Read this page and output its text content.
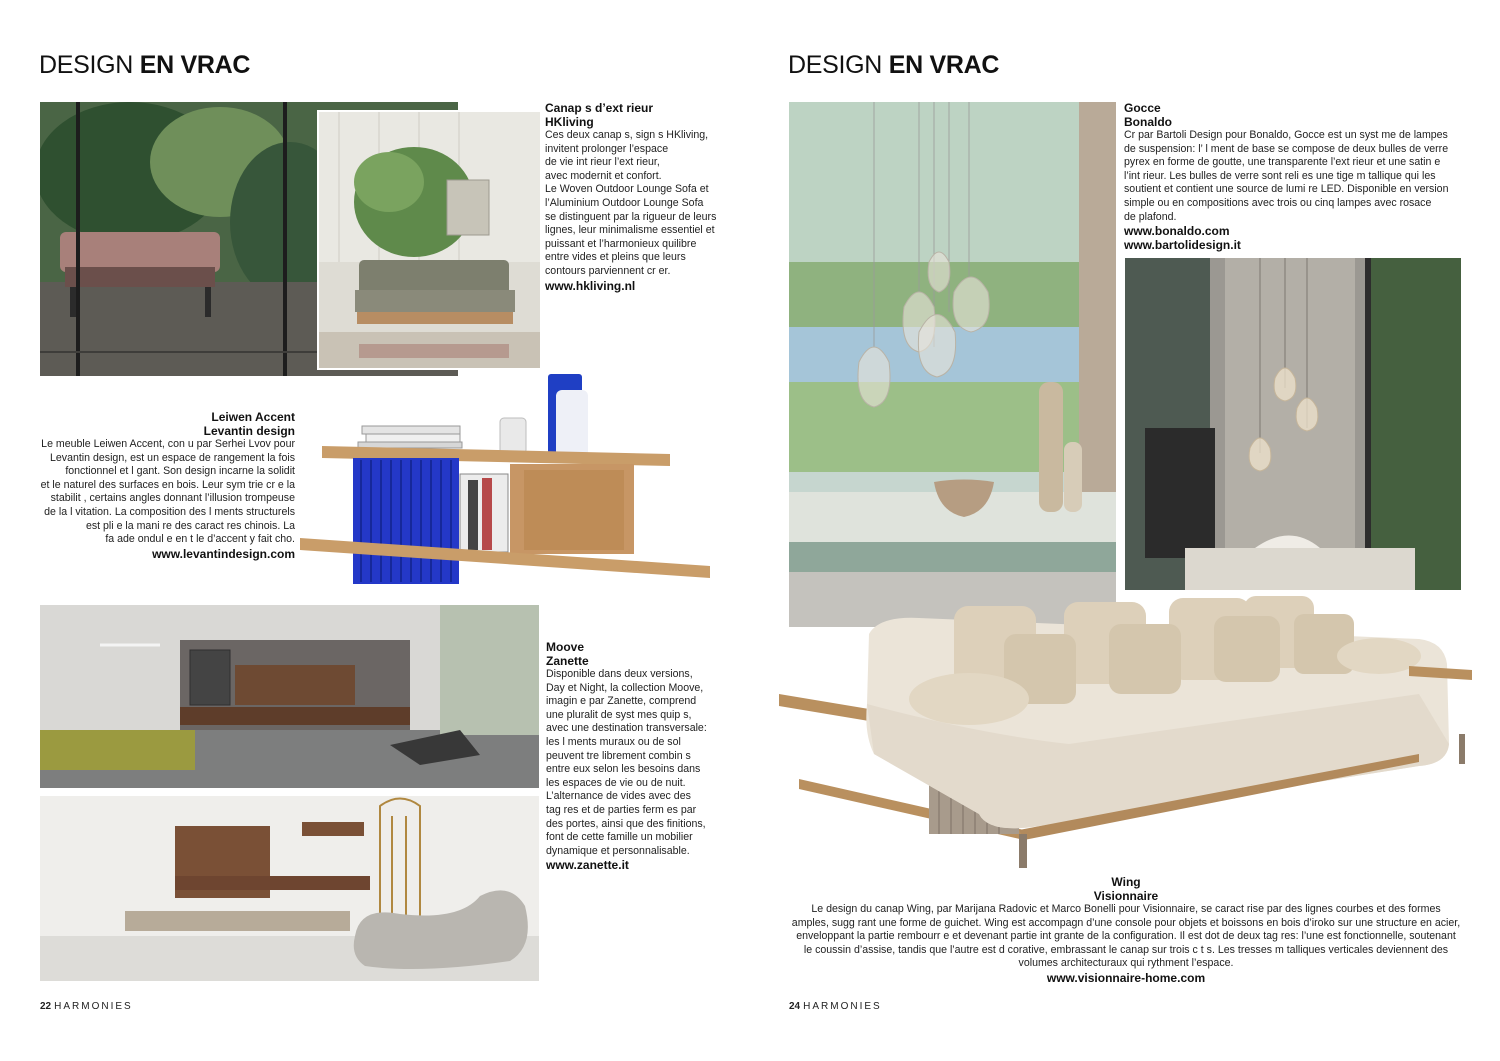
DESIGN EN VRAC
Canap s d’ext rieur
HKliving
Ces deux canap s, sign s HKliving,
invitent prolonger l’espace
de vie int rieur l’ext rieur,
avec modernit et confort.
Le Woven Outdoor Lounge Sofa et
l’Aluminium Outdoor Lounge Sofa
se distinguent par la rigueur de leurs
lignes, leur minimalisme essentiel et
puissant et l’harmonieux quilibre
entre vides et pleins que leurs
contours parviennent cr er.
www.hkliving.nl
Leiwen Accent
Levantin design
Le meuble Leiwen Accent, con u par Serhei Lvov pour
Levantin design, est un espace de rangement la fois
fonctionnel et l gant. Son design incarne la solidit
et le naturel des surfaces en bois. Leur sym trie cr e la
stabilit , certains angles donnant l’illusion trompeuse
de la l vitation. La composition des l ments structurels
est pli e la mani re des caract res chinois. La
fa ade ondul e en t le d’accent y fait cho.
www.levantindesign.com
Moove
Zanette
Disponible dans deux versions,
Day et Night, la collection Moove,
imagin e par Zanette, comprend
une pluralit de syst mes quip s,
avec une destination transversale:
les l ments muraux ou de sol
peuvent tre librement combin s
entre eux selon les besoins dans
les espaces de vie ou de nuit.
L’alternance de vides avec des
tag res et de parties ferm es par
des portes, ainsi que des finitions,
font de cette famille un mobilier
dynamique et personnalisable.
www.zanette.it
22 HARMONIES
DESIGN EN VRAC
Gocce
Bonaldo
Cr par Bartoli Design pour Bonaldo, Gocce est un syst me de lampes
de suspension: l’ l ment de base se compose de deux bulles de verre
pyrex en forme de goutte, une transparente l’ext rieur et une satin e
l’int rieur. Les bulles de verre sont reli es une tige m tallique qui les
soutient et contient une source de lumi re LED. Disponible en version
simple ou en compositions avec trois ou cinq lampes avec rosace
de plafond.
www.bonaldo.com
www.bartolidesign.it
Wing
Visionnaire
Le design du canap Wing, par Marijana Radovic et Marco Bonelli pour Visionnaire, se caract rise par des lignes courbes et des formes
amples, sugg rant une forme de guichet. Wing est accompagn d’une console pour objets et boissons en bois d’iroko sur une structure en acier,
enveloppant la partie rembourr e et devenant partie int grante de la configuration. Il est dot de deux tag res: l’une est fonctionnelle, soutenant
le coussin d’assise, tandis que l’autre est d corative, embrassant le canap sur trois c t s. Les tresses m talliques verticales deviennent des
volumes architecturaux qui rythment l’espace.
www.visionnaire-home.com
24 HARMONIES
